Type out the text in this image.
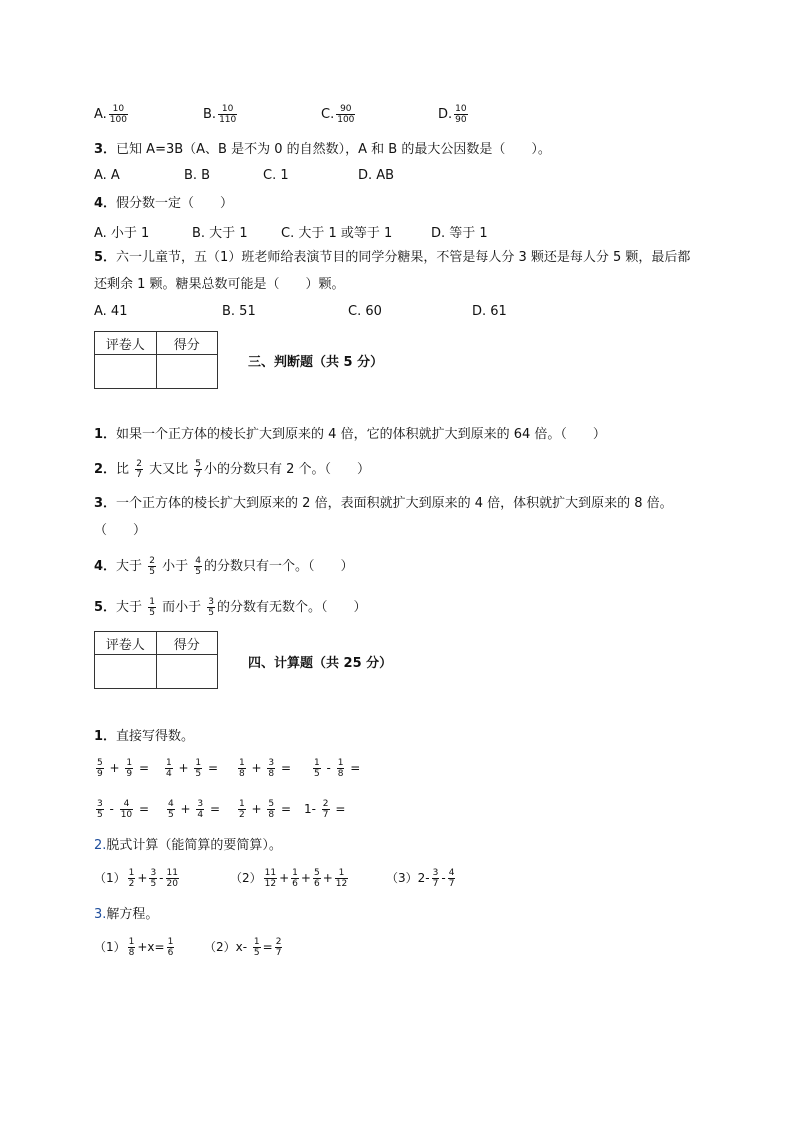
A. $\frac{10}{100}$	B. $\frac{10}{110}$	C. $\frac{90}{100}$	D. $\frac{10}{90}$
3．已知 A=3B（A、B 是不为 0 的自然数），A 和 B 的最大公因数是（　　）。
A. A	B. B	C. 1	D. AB
4．假分数一定（　　）
A. 小于 1	B. 大于 1	C. 大于 1 或等于 1	D. 等于 1
5．六一儿童节，五（1）班老师给表演节目的同学分糖果，不管是每人分 3 颗还是每人分 5 颗，最后都
还剩余 1 颗。糖果总数可能是（　　）颗。
A. 41	B. 51	C. 60	D. 61
评卷人	得分

三、判断题（共 5 分）
1．如果一个正方体的棱长扩大到原来的 4 倍，它的体积就扩大到原来的 64 倍。（　　）
2．比 $\frac{2}{7}$ 大又比 $\frac{5}{7}$ 小的分数只有 2 个。（　　）
3．一个正方体的棱长扩大到原来的 2 倍，表面积就扩大到原来的 4 倍，体积就扩大到原来的 8 倍。
（　　）
4．大于 $\frac{2}{5}$ 小于 $\frac{4}{5}$ 的分数只有一个。（　　）
5．大于 $\frac{1}{5}$ 而小于 $\frac{3}{5}$ 的分数有无数个。（　　）
评卷人	得分

四、计算题（共 25 分）
1．直接写得数。
$\frac{5}{9} + \frac{1}{9} = \frac{1}{4} + \frac{1}{5} = \frac{1}{8} + \frac{3}{8} = \frac{1}{5} - \frac{1}{8}$ =
$\frac{3}{5} - \frac{4}{10} = \frac{4}{5} + \frac{3}{4} = \frac{1}{2} + \frac{5}{8} = 1- \frac{2}{7}$ =
2.脱式计算（能简算的要简算）。
$(1) \frac{1}{2} + \frac{3}{5} - \frac{11}{20}$	$(2) \frac{11}{12} + \frac{1}{6} + \frac{5}{6} + \frac{1}{12}$	$(3)2- \frac{3}{7} - \frac{4}{7}$
3.解方程。
$(1) \frac{1}{8} +x= \frac{1}{6} (2)x- \frac{1}{5} = \frac{2}{7}$
